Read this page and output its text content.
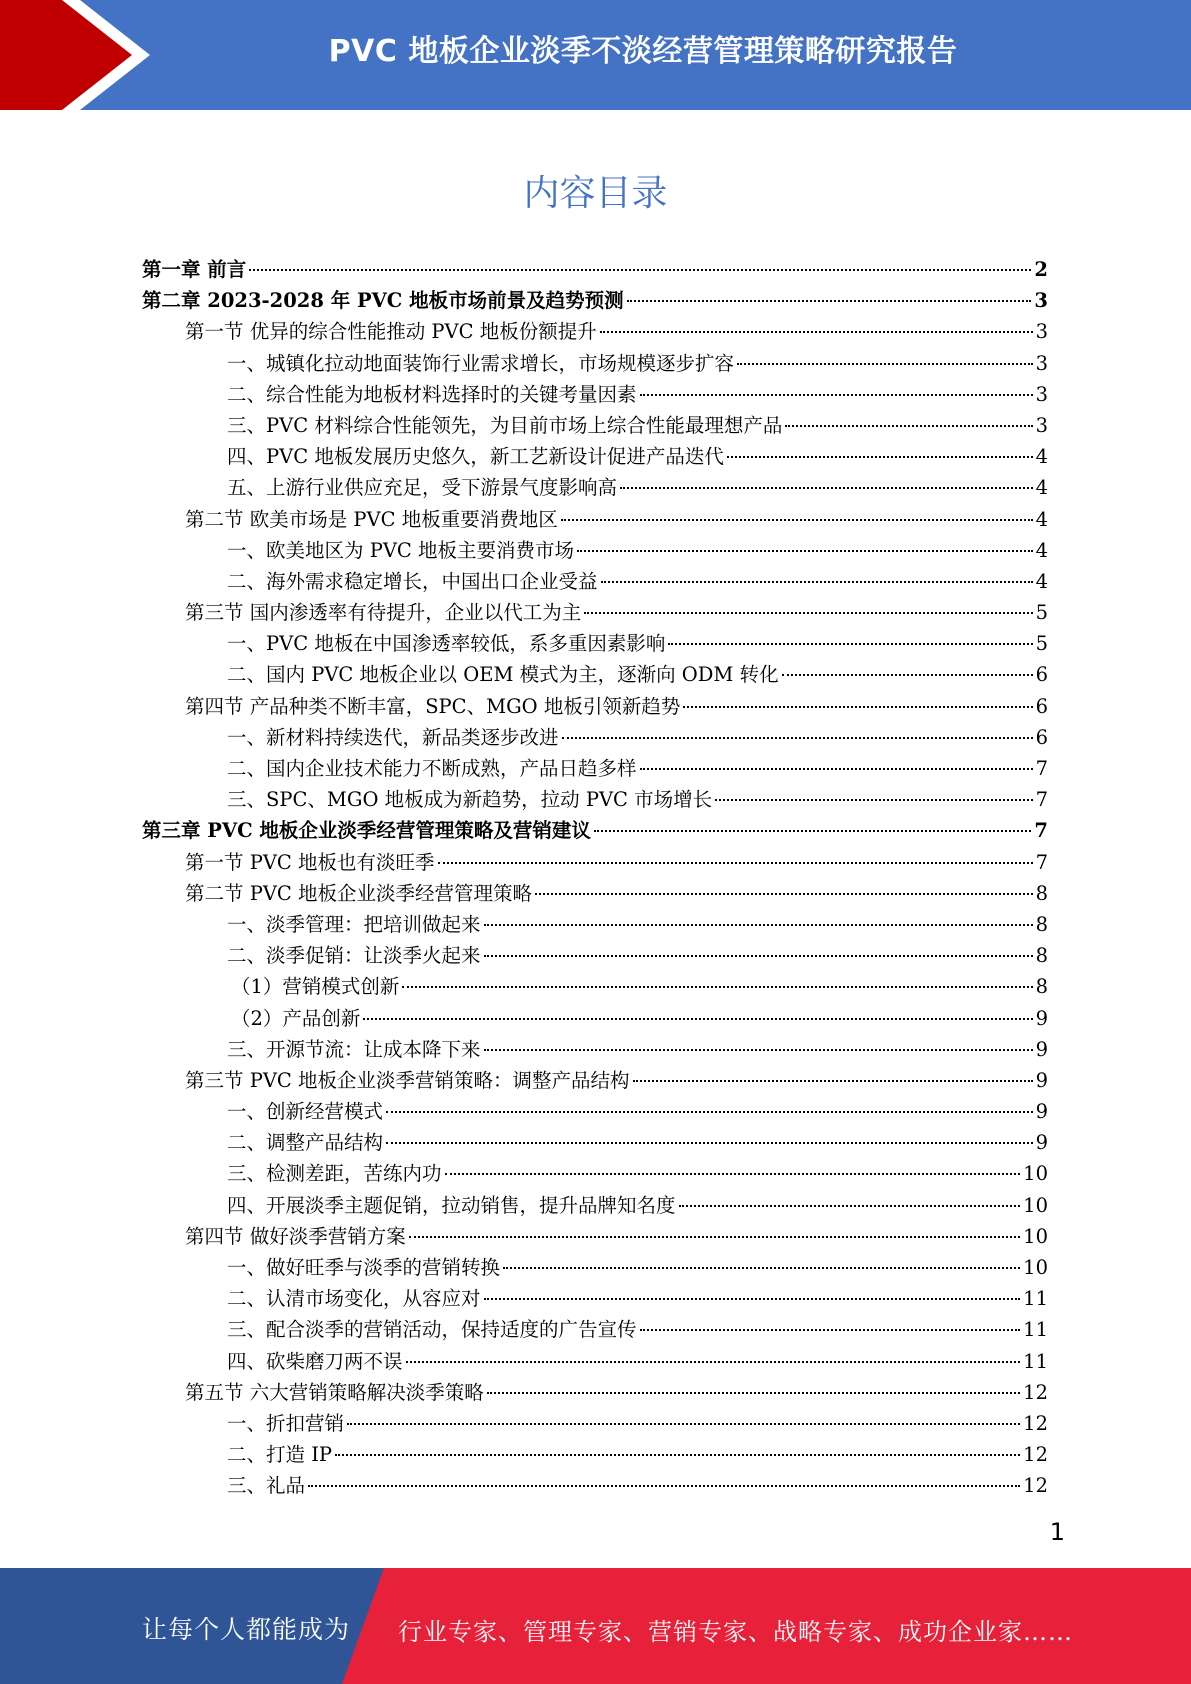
PVC 地板企业淡季不淡经营管理策略研究报告
内容目录
第一章 前言	2
第二章 2023-2028 年 PVC 地板市场前景及趋势预测	3
第一节 优异的综合性能推动 PVC 地板份额提升	3
一、城镇化拉动地面装饰行业需求增长，市场规模逐步扩容	3
二、综合性能为地板材料选择时的关键考量因素	3
三、PVC 材料综合性能领先，为目前市场上综合性能最理想产品	3
四、PVC 地板发展历史悠久，新工艺新设计促进产品迭代	4
五、上游行业供应充足，受下游景气度影响高	4
第二节 欧美市场是 PVC 地板重要消费地区	4
一、欧美地区为 PVC 地板主要消费市场	4
二、海外需求稳定增长，中国出口企业受益	4
第三节 国内渗透率有待提升，企业以代工为主	5
一、PVC 地板在中国渗透率较低，系多重因素影响	5
二、国内 PVC 地板企业以 OEM 模式为主，逐渐向 ODM 转化	6
第四节 产品种类不断丰富，SPC、MGO 地板引领新趋势	6
一、新材料持续迭代，新品类逐步改进	6
二、国内企业技术能力不断成熟，产品日趋多样	7
三、SPC、MGO 地板成为新趋势，拉动 PVC 市场增长	7
第三章 PVC 地板企业淡季经营管理策略及营销建议	7
第一节 PVC 地板也有淡旺季	7
第二节 PVC 地板企业淡季经营管理策略	8
一、淡季管理：把培训做起来	8
二、淡季促销：让淡季火起来	8
（1）营销模式创新	8
（2）产品创新	9
三、开源节流：让成本降下来	9
第三节 PVC 地板企业淡季营销策略：调整产品结构	9
一、创新经营模式	9
二、调整产品结构	9
三、检测差距，苦练内功	10
四、开展淡季主题促销，拉动销售，提升品牌知名度	10
第四节 做好淡季营销方案	10
一、做好旺季与淡季的营销转换	10
二、认清市场变化，从容应对	11
三、配合淡季的营销活动，保持适度的广告宣传	11
四、砍柴磨刀两不误	11
第五节 六大营销策略解决淡季策略	12
一、折扣营销	12
二、打造 IP	12
三、礼品	12
1
让每个人都能成为 行业专家、管理专家、营销专家、战略专家、成功企业家……
